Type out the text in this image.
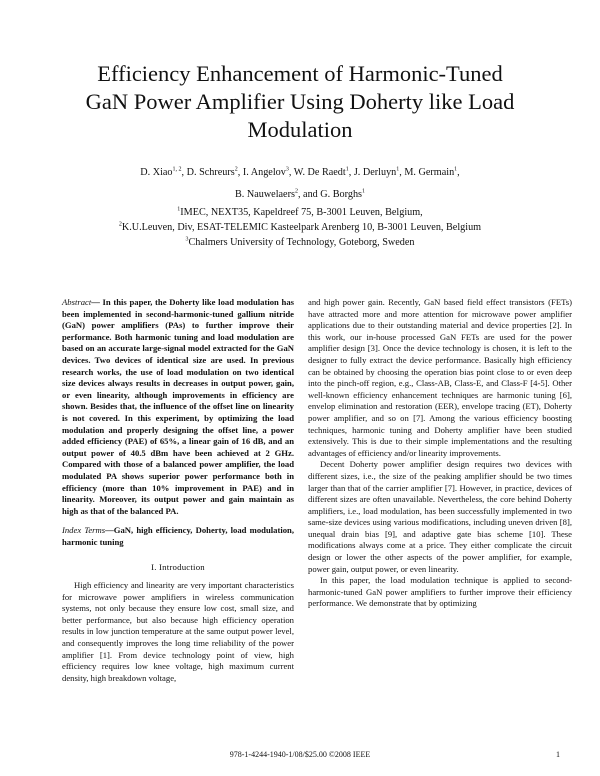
Efficiency Enhancement of Harmonic-Tuned
GaN Power Amplifier Using Doherty like Load
Modulation
D. Xiao$^{1, 2}$, D. Schreurs$^2$, I. Angelov$^3$, W. De Raedt$^1$, J. Derluyn$^1$, M. Germain$^1$,
B. Nauwelaers$^2$, and G. Borghs$^1$
$^1$IMEC, NEXT35, Kapeldreef 75, B-3001 Leuven, Belgium,
$^2$K.U.Leuven, Div, ESAT-TELEMIC Kasteelpark Arenberg 10, B-3001 Leuven, Belgium
$^3$Chalmers University of Technology, Goteborg, Sweden

Abstract— In this paper, the Doherty like load modulation has been implemented in second-harmonic-tuned gallium nitride (GaN) power amplifiers (PAs) to further improve their performance. Both harmonic tuning and load modulation are based on an accurate large-signal model extracted for the GaN devices. Two devices of identical size are used. In previous research works, the use of load modulation on two identical size devices always results in decreases in output power, gain, or even linearity, although improvements in efficiency are shown. Besides that, the influence of the offset line on linearity is not covered. In this experiment, by optimizing the load modulation and properly designing the offset line, a power added efficiency (PAE) of 65%, a linear gain of 16 dB, and an output power of 40.5 dBm have been achieved at 2 GHz. Compared with those of a balanced power amplifier, the load modulated PA shows superior power performance both in efficiency (more than 10% improvement in PAE) and in linearity. Moreover, its output power and gain maintain as high as that of the balanced PA.

Index Terms—GaN, high efficiency, Doherty, load modulation, harmonic tuning

I. Introduction

High efficiency and linearity are very important characteristics for microwave power amplifiers in wireless communication systems, not only because they ensure low cost, small size, and better performance, but also because high efficiency operation results in low junction temperature at the same output power level, and consequently improves the long time reliability of the power amplifier [1]. From device technology point of view, high efficiency requires low knee voltage, high maximum current density, high breakdown voltage,

and high power gain. Recently, GaN based field effect transistors (FETs) have attracted more and more attention for microwave power amplifier applications due to their outstanding material and device properties [2]. In this work, our in-house processed GaN FETs are used for the power amplifier design [3]. Once the device technology is chosen, it is left to the designer to fully extract the device performance. Basically high efficiency can be obtained by choosing the operation bias point close to or even deep into the pinch-off region, e.g., Class-AB, Class-E, and Class-F [4-5]. Other well-known efficiency enhancement techniques are harmonic tuning [6], envelop elimination and restoration (EER), envelope tracing (ET), Doherty power amplifier, and so on [7]. Among the various efficiency boosting techniques, harmonic tuning and Doherty amplifier have been studied extensively. This is due to their simple implementations and the resulting advantages of efficiency and/or linearity improvements.

Decent Doherty power amplifier design requires two devices with different sizes, i.e., the size of the peaking amplifier should be two times larger than that of the carrier amplifier [7]. However, in practice, devices of different sizes are often unavailable. Nevertheless, the core behind Doherty amplifiers, i.e., load modulation, has been successfully implemented in two same-size devices using various modifications, including uneven driven [8], unequal drain bias [9], and adaptive gate bias scheme [10]. These modifications always come at a price. They either complicate the circuit design or lower the other aspects of the power amplifier, for example, power gain, output power, or even linearity.

In this paper, the load modulation technique is applied to second-harmonic-tuned GaN power amplifiers to further improve their efficiency performance. We demonstrate that by optimizing

978-1-4244-1940-1/08/$25.00 ©2008 IEEE	1
